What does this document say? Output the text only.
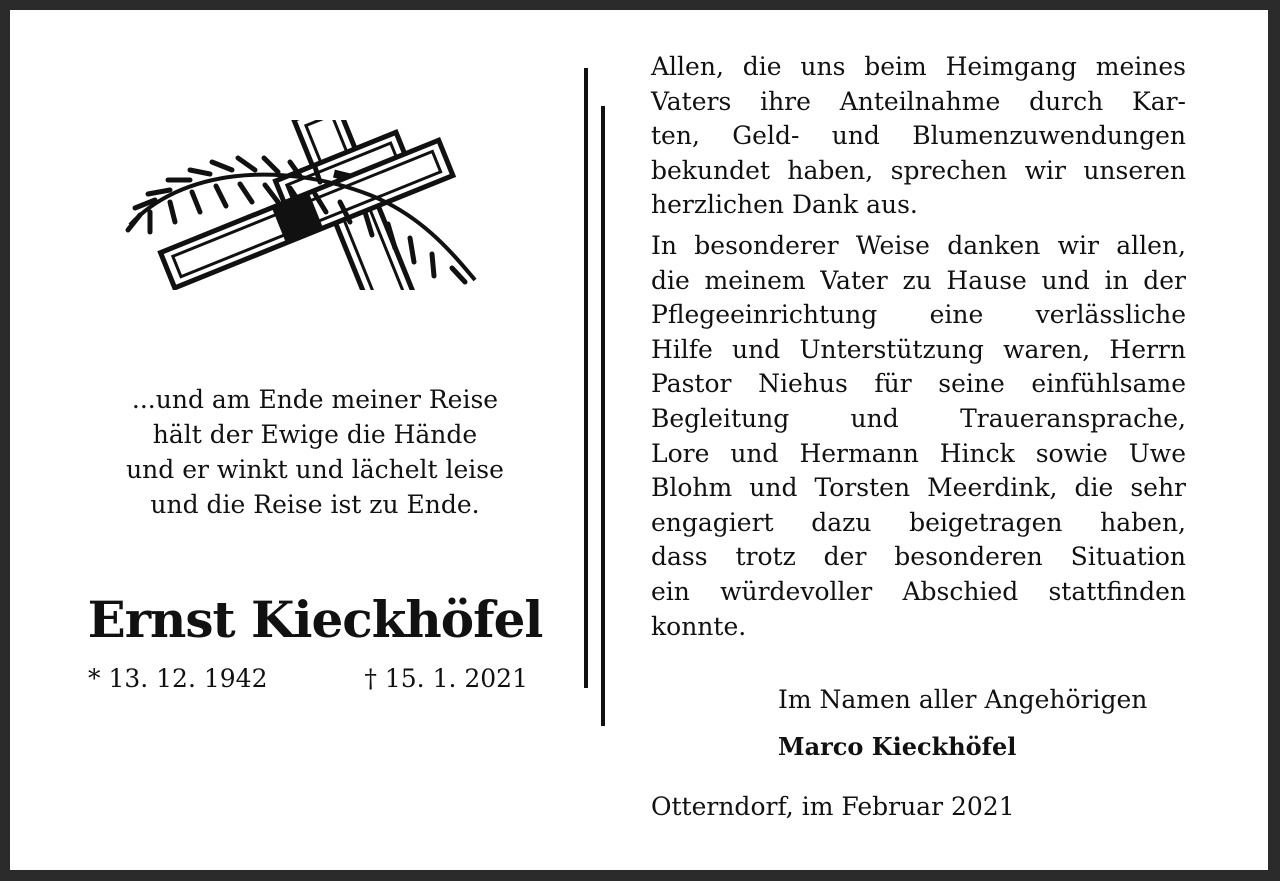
...und am Ende meiner Reise
hält der Ewige die Hände
und er winkt und lächelt leise
und die Reise ist zu Ende.
Ernst Kieckhöfel
* 13. 12. 1942	† 15. 1. 2021

Allen, die uns beim Heimgang meines
Vaters ihre Anteilnahme durch Kar-
ten, Geld- und Blumenzuwendungen
bekundet haben, sprechen wir unseren
herzlichen Dank aus.

In besonderer Weise danken wir allen,
die meinem Vater zu Hause und in der
Pflegeeinrichtung eine verlässliche
Hilfe und Unterstützung waren, Herrn
Pastor Niehus für seine einfühlsame
Begleitung und Traueransprache,
Lore und Hermann Hinck sowie Uwe
Blohm und Torsten Meerdink, die sehr
engagiert dazu beigetragen haben,
dass trotz der besonderen Situation
ein würdevoller Abschied stattfinden
konnte.

Im Namen aller Angehörigen
Marco Kieckhöfel
Otterndorf, im Februar 2021
